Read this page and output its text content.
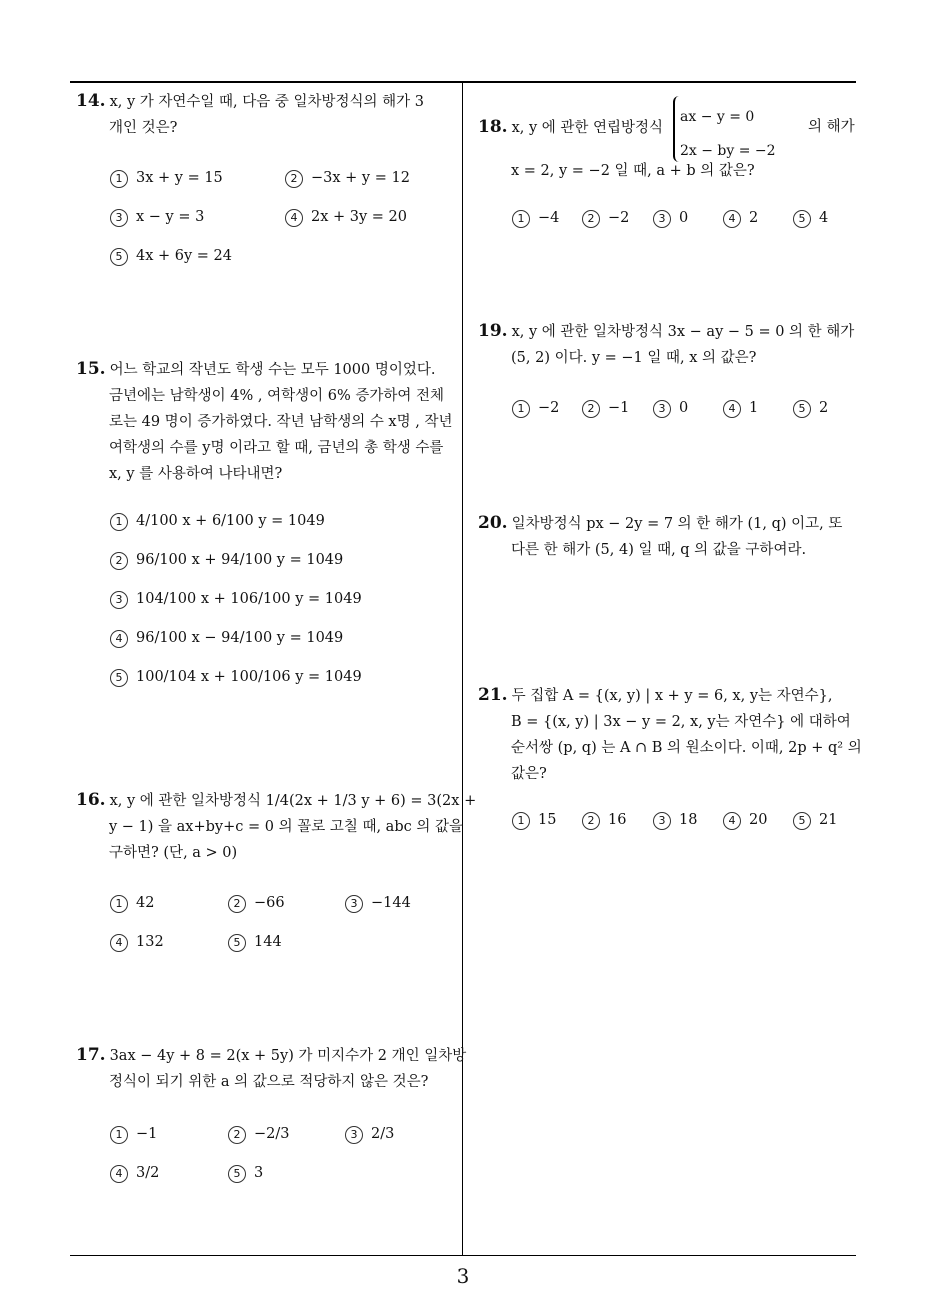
3
14. x, y 가 자연수일 때, 다음 중 일차방정식의 해가 3
개인 것은?
1 3x + y = 15	2 −3x + y = 12
3 x − y = 3	4 2x + 3y = 20
5 4x + 6y = 24
15. 어느 학교의 작년도 학생 수는 모두 1000 명이었다.
금년에는 남학생이 4% , 여학생이 6% 증가하여 전체
로는 49 명이 증가하였다. 작년 남학생의 수 x명 , 작년
여학생의 수를 y명 이라고 할 때, 금년의 총 학생 수를
x, y 를 사용하여 나타내면?
1 4/100 x + 6/100 y = 1049
2 96/100 x + 94/100 y = 1049
3 104/100 x + 106/100 y = 1049
4 96/100 x − 94/100 y = 1049
5 100/104 x + 100/106 y = 1049
16. x, y 에 관한 일차방정식 1/4(2x + 1/3 y + 6) = 3(2x +
y − 1) 을 ax+by+c = 0 의 꼴로 고칠 때, abc 의 값을
구하면? (단, a > 0)
1 42	2 −66	3 −144
4 132	5 144
17. 3ax − 4y + 8 = 2(x + 5y) 가 미지수가 2 개인 일차방
정식이 되기 위한 a 의 값으로 적당하지 않은 것은?
1 −1	2 −2/3	3 2/3
4 3/2	5 3
18. x, y 에 관한 연립방정식
ax − y = 0
2x − by = −2
의 해가
x = 2, y = −2 일 때, a + b 의 값은?
1 −4	2 −2	3 0	4 2	5 4
19. x, y 에 관한 일차방정식 3x − ay − 5 = 0 의 한 해가
(5, 2) 이다. y = −1 일 때, x 의 값은?
1 −2	2 −1	3 0	4 1	5 2
20. 일차방정식 px − 2y = 7 의 한 해가 (1, q) 이고, 또
다른 한 해가 (5, 4) 일 때, q 의 값을 구하여라.
21. 두 집합 A = {(x, y) | x + y = 6, x, y는 자연수},
B = {(x, y) | 3x − y = 2, x, y는 자연수} 에 대하여
순서쌍 (p, q) 는 A ∩ B 의 원소이다. 이때, 2p + q² 의
값은?
1 15	2 16	3 18	4 20	5 21
